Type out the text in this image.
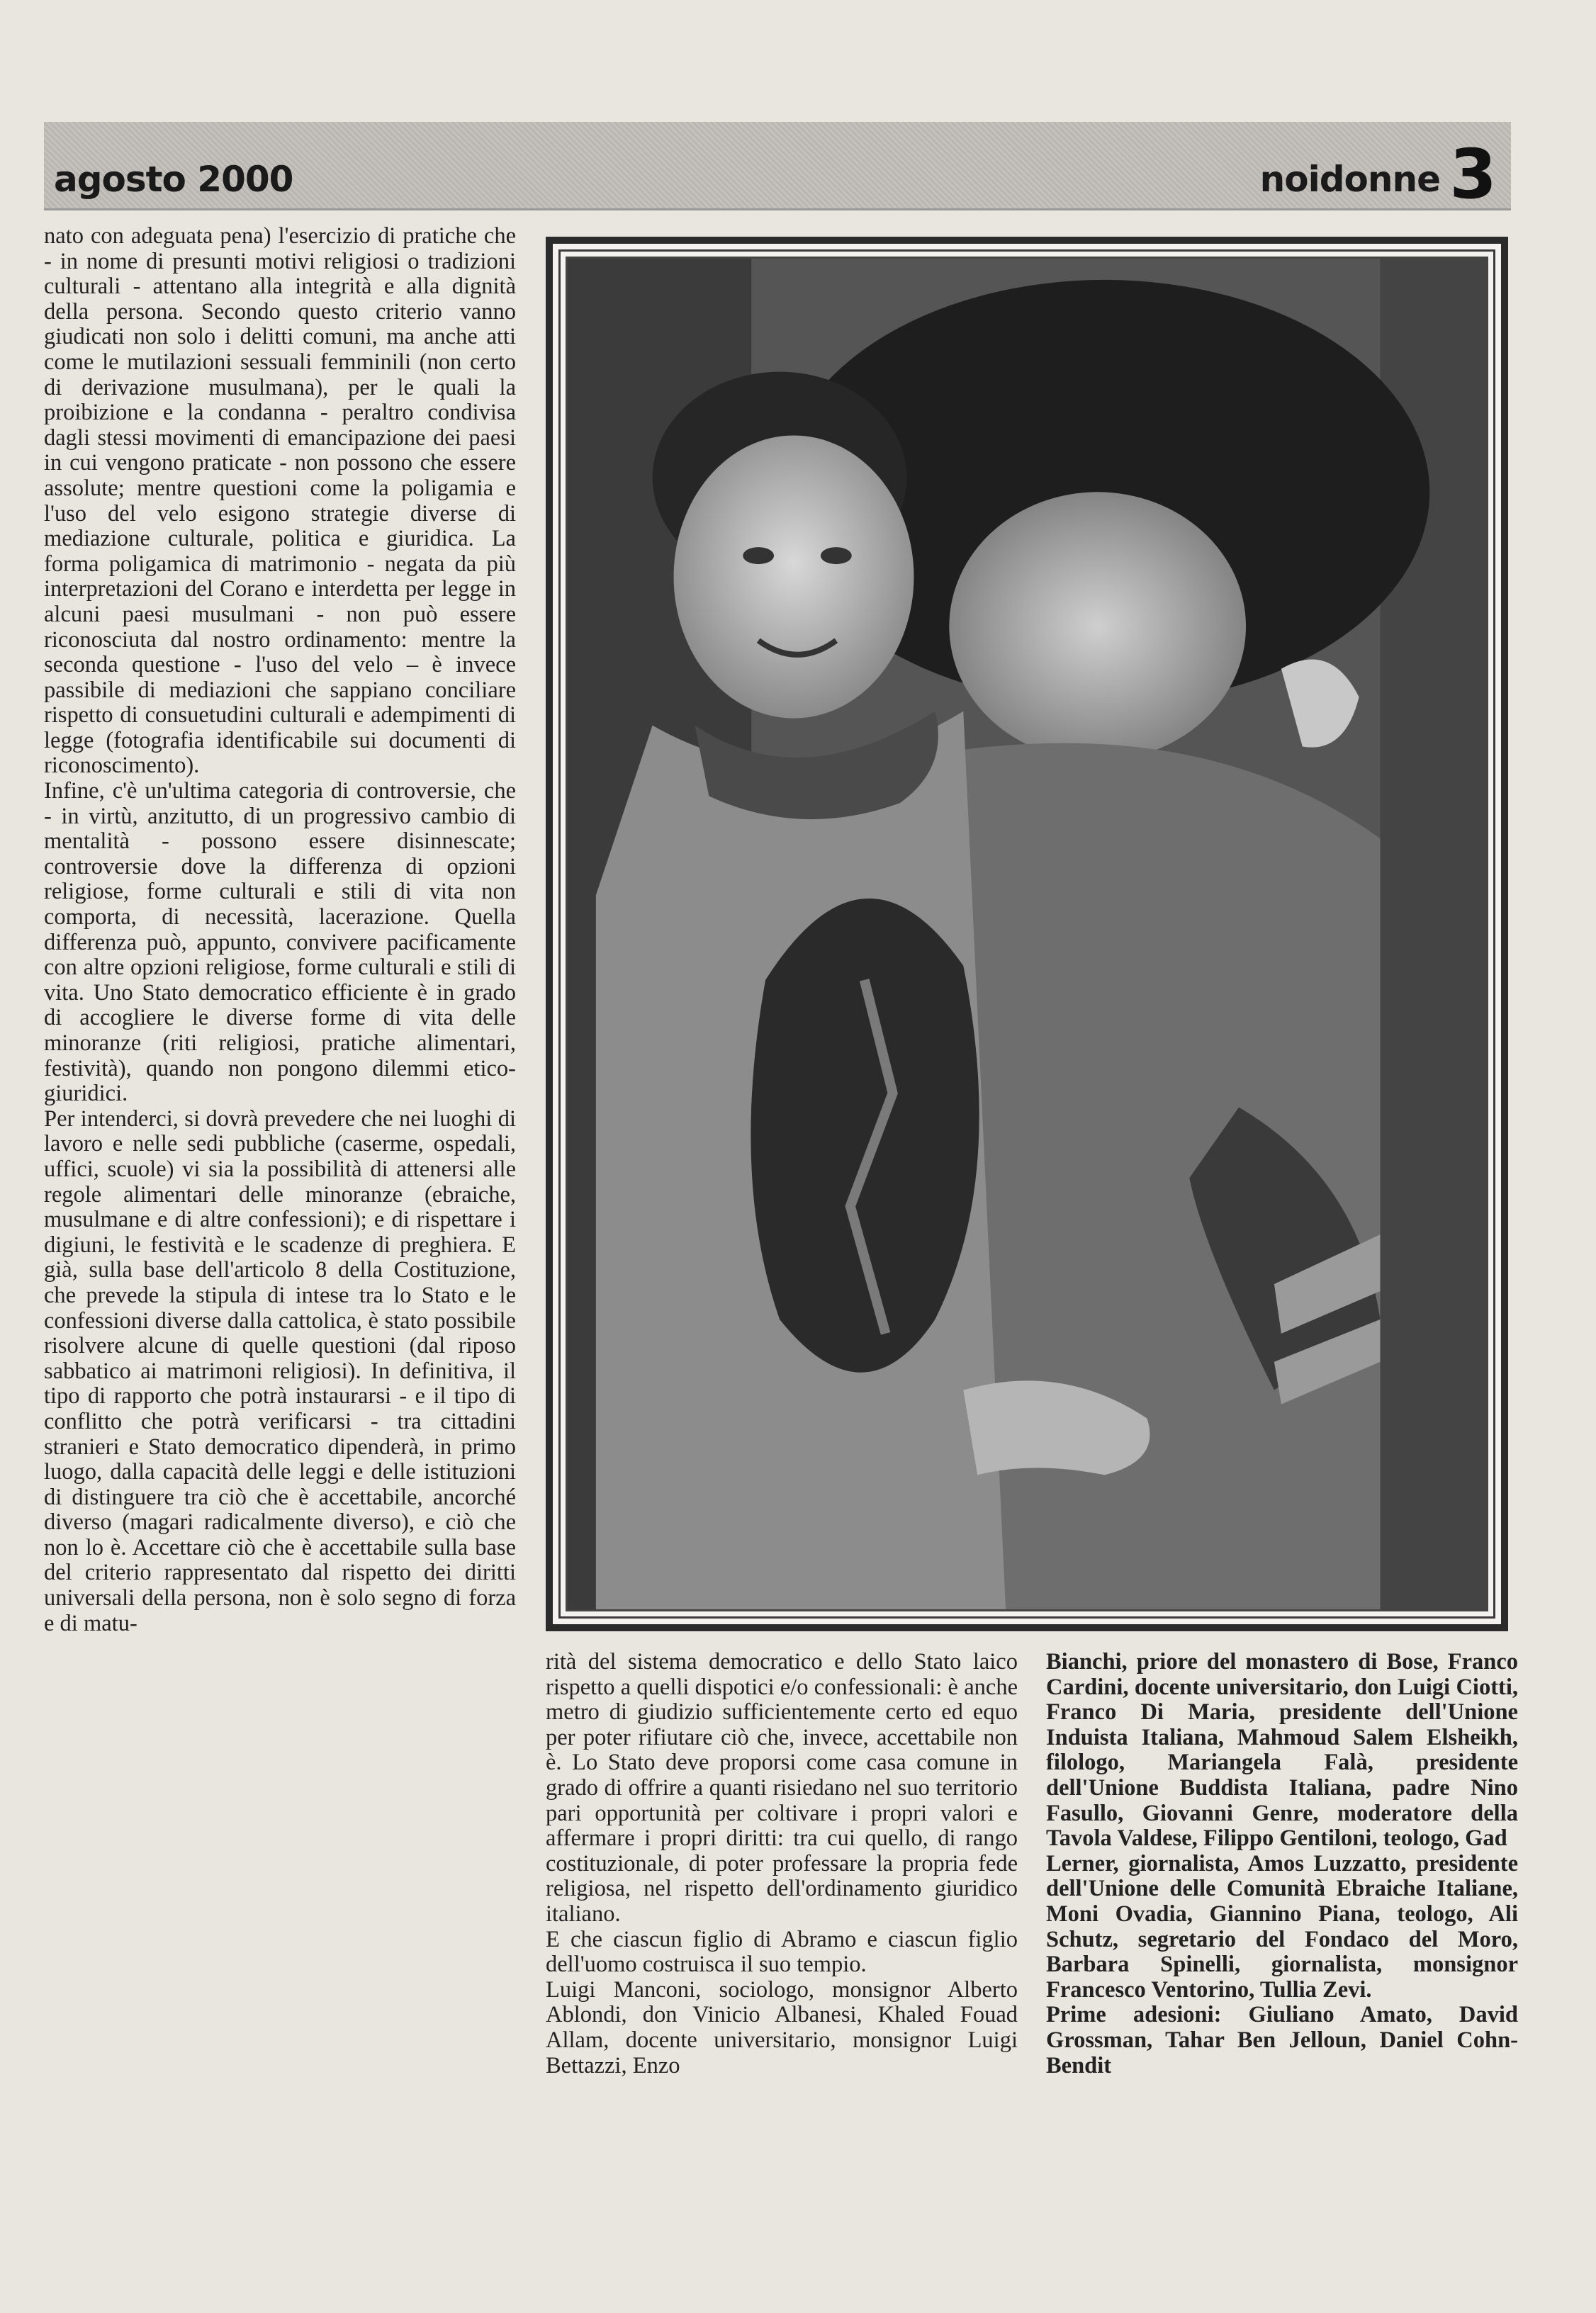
agosto 2000	noidonne 3

nato con adeguata pena) l'esercizio di pratiche che - in nome di presunti motivi religiosi o tradizioni culturali - attentano alla integrità e alla dignità della persona. Secondo questo criterio vanno giudicati non solo i delitti comuni, ma anche atti come le mutilazioni sessuali femminili (non certo di derivazione musulmana), per le quali la proibizione e la condanna - peraltro condivisa dagli stessi movimenti di emancipazione dei paesi in cui vengono praticate - non possono che essere assolute; mentre questioni come la poligamia e l'uso del velo esigono strategie diverse di mediazione culturale, politica e giuridica. La forma poligamica di matrimonio - negata da più interpretazioni del Corano e interdetta per legge in alcuni paesi musulmani - non può essere riconosciuta dal nostro ordinamento: mentre la seconda questione - l'uso del velo – è invece passibile di mediazioni che sappiano conciliare rispetto di consuetudini culturali e adempimenti di legge (fotografia identificabile sui documenti di riconoscimento).

Infine, c'è un'ultima categoria di controversie, che - in virtù, anzitutto, di un progressivo cambio di mentalità - possono essere disinnescate; controversie dove la differenza di opzioni religiose, forme culturali e stili di vita non comporta, di necessità, lacerazione. Quella differenza può, appunto, convivere pacificamente con altre opzioni religiose, forme culturali e stili di vita. Uno Stato democratico efficiente è in grado di accogliere le diverse forme di vita delle minoranze (riti religiosi, pratiche alimentari, festività), quando non pongono dilemmi etico-giuridici.

Per intenderci, si dovrà prevedere che nei luoghi di lavoro e nelle sedi pubbliche (caserme, ospedali, uffici, scuole) vi sia la possibilità di attenersi alle regole alimentari delle minoranze (ebraiche, musulmane e di altre confessioni); e di rispettare i digiuni, le festività e le scadenze di preghiera. E già, sulla base dell'articolo 8 della Costituzione, che prevede la stipula di intese tra lo Stato e le confessioni diverse dalla cattolica, è stato possibile risolvere alcune di quelle questioni (dal riposo sabbatico ai matrimoni religiosi). In definitiva, il tipo di rapporto che potrà instaurarsi - e il tipo di conflitto che potrà verificarsi - tra cittadini stranieri e Stato democratico dipenderà, in primo luogo, dalla capacità delle leggi e delle istituzioni di distinguere tra ciò che è accettabile, ancorché diverso (magari radicalmente diverso), e ciò che non lo è. Accettare ciò che è accettabile sulla base del criterio rappresentato dal rispetto dei diritti universali della persona, non è solo segno di forza e di matu-

rità del sistema democratico e dello Stato laico rispetto a quelli dispotici e/o confessionali: è anche metro di giudizio sufficientemente certo ed equo per poter rifiutare ciò che, invece, accettabile non è. Lo Stato deve proporsi come casa comune in grado di offrire a quanti risiedano nel suo territorio pari opportunità per coltivare i propri valori e affermare i propri diritti: tra cui quello, di rango costituzionale, di poter professare la propria fede religiosa, nel rispetto dell'ordinamento giuridico italiano.

E che ciascun figlio di Abramo e ciascun figlio dell'uomo costruisca il suo tempio.

Luigi Manconi, sociologo, monsignor Alberto Ablondi, don Vinicio Albanesi, Khaled Fouad Allam, docente universitario, monsignor Luigi Bettazzi, Enzo

Bianchi, priore del monastero di Bose, Franco Cardini, docente universitario, don Luigi Ciotti, Franco Di Maria, presidente dell'Unione Induista Italiana, Mahmoud Salem Elsheikh, filologo, Mariangela Falà, presidente dell'Unione Buddista Italiana, padre Nino Fasullo, Giovanni Genre, moderatore della Tavola Valdese, Filippo Gentiloni, teologo, Gad

Lerner, giornalista, Amos Luzzatto, presidente dell'Unione delle Comunità Ebraiche Italiane, Moni Ovadia, Giannino Piana, teologo, Ali Schutz, segretario del Fondaco del Moro, Barbara Spinelli, giornalista, monsignor Francesco Ventorino, Tullia Zevi.

Prime adesioni: Giuliano Amato, David Grossman, Tahar Ben Jelloun, Daniel Cohn- Bendit
